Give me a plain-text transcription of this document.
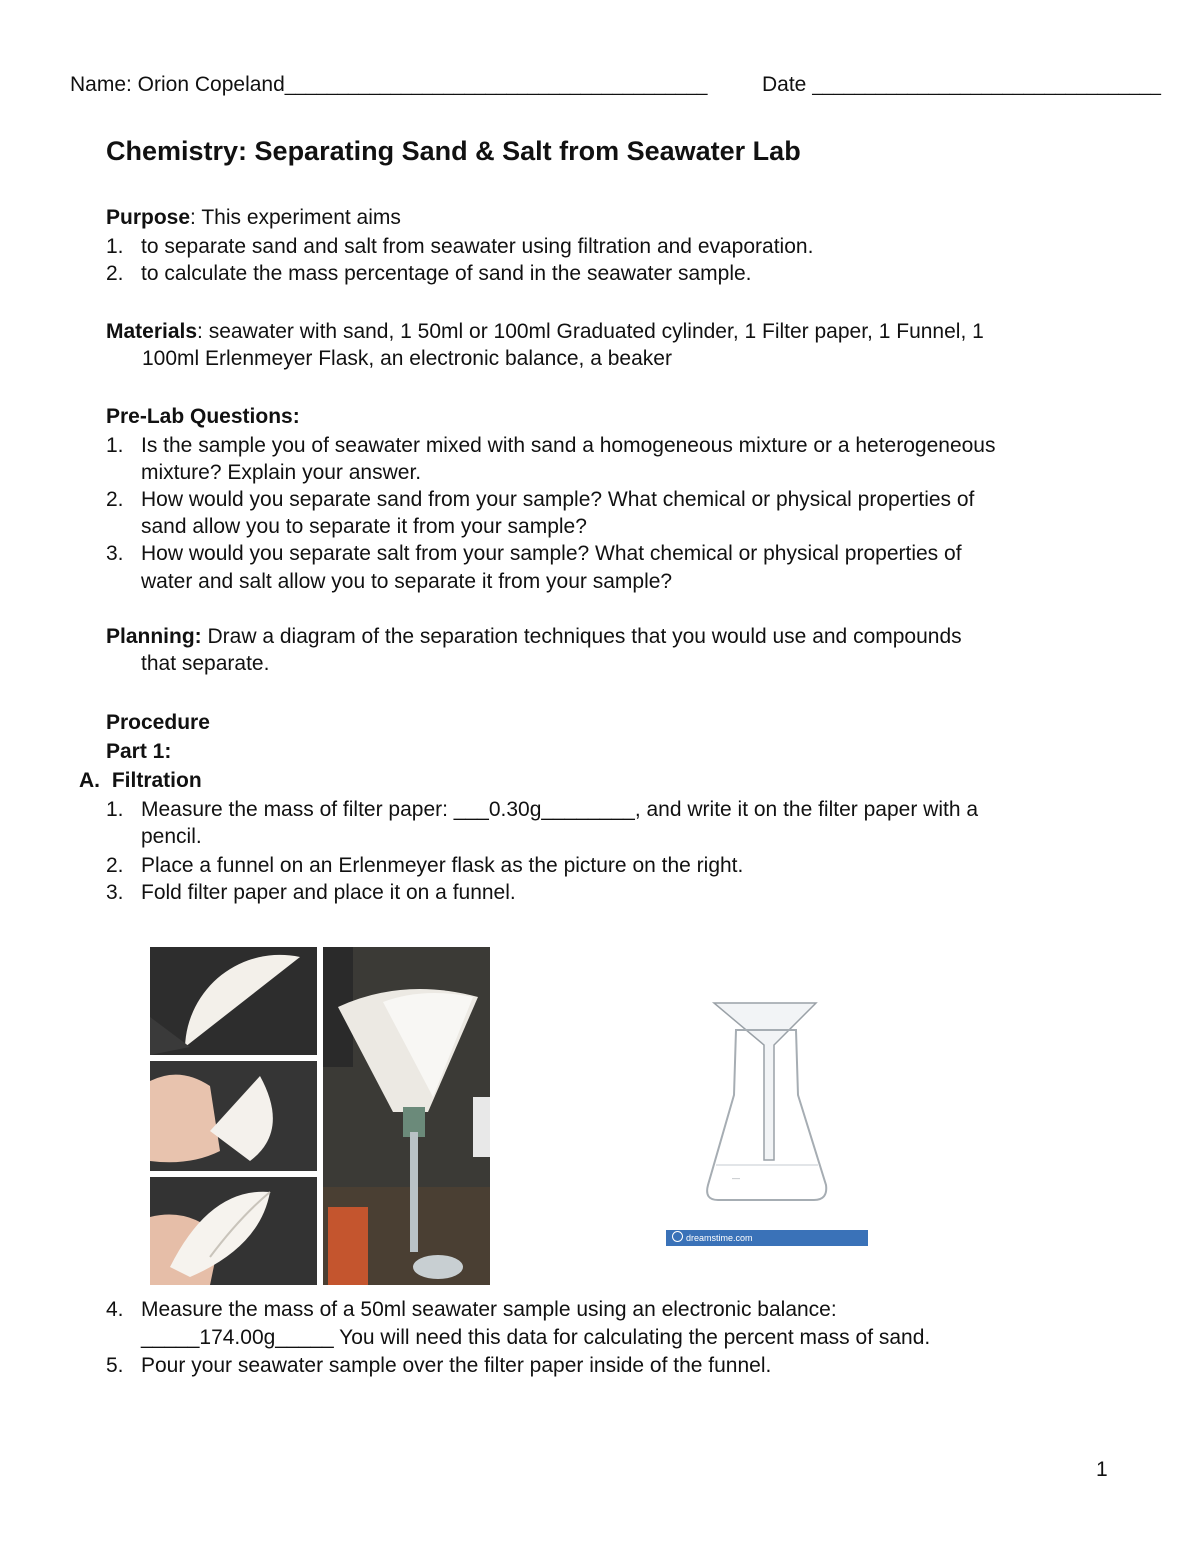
Name: Orion Copeland________________________________________	Date _________________________________
Chemistry: Separating Sand & Salt from Seawater Lab
Purpose: This experiment aims
1. to separate sand and salt from seawater using filtration and evaporation.
2. to calculate the mass percentage of sand in the seawater sample.
Materials: seawater with sand, 1 50ml or 100ml Graduated cylinder, 1 Filter paper, 1 Funnel, 1
100ml Erlenmeyer Flask, an electronic balance, a beaker
Pre-Lab Questions:
1. Is the sample you of seawater mixed with sand a homogeneous mixture or a heterogeneous
mixture? Explain your answer.
2. How would you separate sand from your sample? What chemical or physical properties of
sand allow you to separate it from your sample?
3. How would you separate salt from your sample? What chemical or physical properties of
water and salt allow you to separate it from your sample?
Planning: Draw a diagram of the separation techniques that you would use and compounds
that separate.
Procedure
Part 1:
A. Filtration
1. Measure the mass of filter paper: ___0.30g________, and write it on the filter paper with a
pencil.
2. Place a funnel on an Erlenmeyer flask as the picture on the right.
3. Fold filter paper and place it on a funnel.
—
dreamstime.com
4. Measure the mass of a 50ml seawater sample using an electronic balance:
_____174.00g_____ You will need this data for calculating the percent mass of sand.
5. Pour your seawater sample over the filter paper inside of the funnel.
1
